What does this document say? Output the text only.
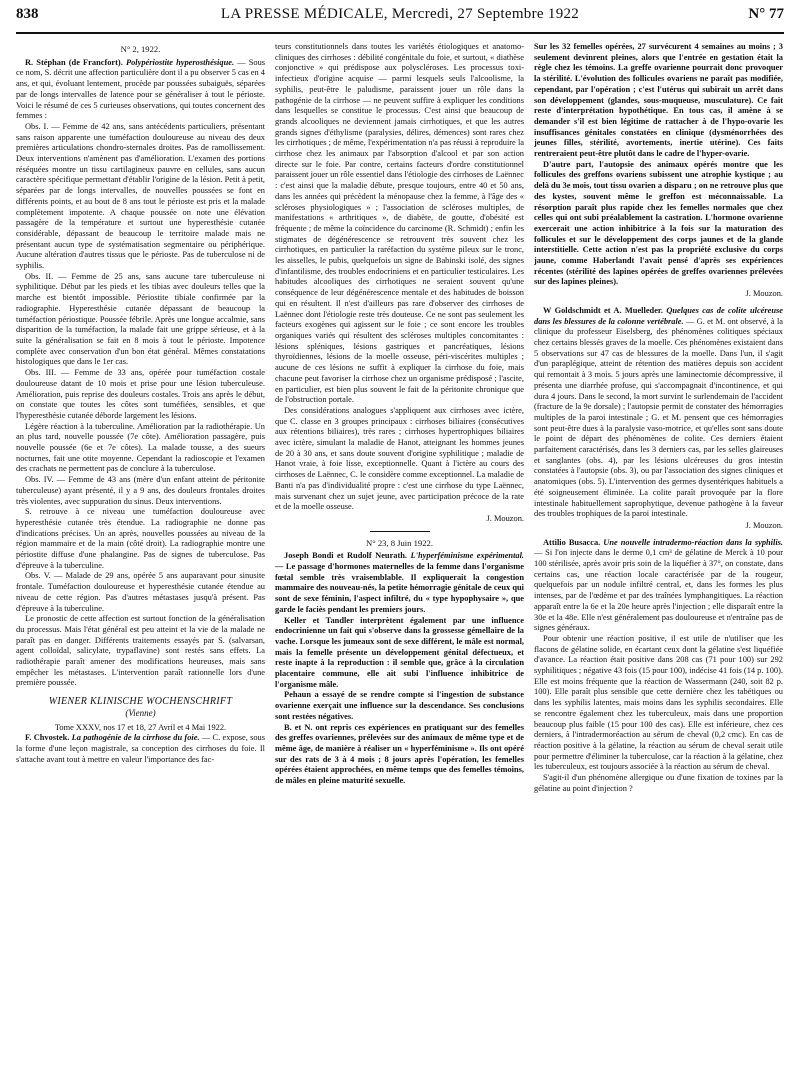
838	LA PRESSE MÉDICALE, Mercredi, 27 Septembre 1922	N° 77
N° 2, 1922.

R. Stéphan (de Francfort). Polypériostite hyperosthésique. — Sous ce nom, S. décrit une affection particulière dont il a pu observer 5 cas en 4 ans, et qui, évoluant lentement, procède par poussées subaiguës, séparées par de longs intervalles de latence pour se généraliser à tout le périoste. Voici le résumé de ces 5 curieuses observations, qui toutes concernent des femmes :

Obs. I. — Femme de 42 ans, sans antécédents particuliers, présentant sans raison apparente une tuméfaction douloureuse au niveau des deux premières articulations chondro-sternales droites. Pas de ramollissement. Deux interventions n'amènent pas d'amélioration. L'examen des portions réséquées montre un tissu cartilagineux pauvre en cellules, sans aucun caractère spécifique permettant d'établir l'origine de la lésion. Petit à petit, séparées par de longs intervalles, de nouvelles poussées se font en différents points, et au bout de 8 ans tout le périoste est pris et la malade complètement impotente. A chaque poussée on note une élévation passagère de la température et surtout une hyperesthésie cutanée considérable, dépassant de beaucoup le territoire malade mais ne présentant aucun type de systématisation segmentaire ou périphérique. Aucune altération d'autres tissus que le périoste. Pas de tuberculose ni de syphilis.

Obs. II. — Femme de 25 ans, sans aucune tare tuberculeuse ni syphilitique. Début par les pieds et les tibias avec douleurs telles que la marche est bientôt impossible. Périostite tibiale confirmée par la radiographie. Hyperesthésie cutanée dépassant de beaucoup la tuméfaction périostique. Poussée fébrile. Après une longue accalmie, sans disparition de la tuméfaction, la malade fait une grippe sérieuse, et à la suite la généralisation se fait en 8 mois à tout le périoste. Impotence complète avec conservation d'un bon état général. Mêmes constatations histologiques que dans le 1er cas.

Obs. III. — Femme de 33 ans, opérée pour tuméfaction costale douloureuse datant de 10 mois et prise pour une lésion tuberculeuse. Amélioration, puis reprise des douleurs costales. Trois ans après le début, on constate que toutes les côtes sont tuméfiées, sensibles, et que l'hyperesthésie cutanée déborde largement les lésions.

Légère réaction à la tuberculine. Amélioration par la radiothérapie. Un an plus tard, nouvelle poussée (7e côte). Amélioration passagère, puis nouvelle poussée (6e et 7e côtes). La malade tousse, a des sueurs nocturnes, fait une otite moyenne. Cependant la radioscopie et l'examen des crachats ne permettent pas de conclure à la tuberculose.

Obs. IV. — Femme de 43 ans (mère d'un enfant atteint de péritonite tuberculeuse) ayant présenté, il y a 9 ans, des douleurs frontales droites très violentes, avec suppuration du sinus. Deux interventions.

S. retrouve à ce niveau une tuméfaction douloureuse avec hyperesthésie cutanée très étendue. La radiographie ne donne pas d'indications précises. Un an après, nouvelles poussées au niveau de la région mammaire et de la main (côté droit). La radiographie montre une périostite diffuse d'une phalangine. Pas de signes de tuberculose. Pas d'épreuve à la tuberculine.

Obs. V. — Malade de 29 ans, opérée 5 ans auparavant pour sinusite frontale. Tuméfaction douloureuse et hyperesthésie cutanée étendue au niveau de cette région. Pas d'autres métastases jusqu'à présent. Pas d'épreuve à la tuberculine.

Le pronostic de cette affection est surtout fonction de la généralisation du processus. Mais l'état général est peu atteint et la vie de la malade ne paraît pas en danger. Différents traitements essayés par S. (salvarsan, agent colloïdal, salicylate, trypaflavine) sont restés sans effets. La radiothérapie paraît amener des modifications heureuses, mais sans empêcher les métastases. L'intervention paraît rationnelle lors d'une première poussée.

WIENER KLINISCHE WOCHENSCHRIFT
(Vienne)

Tome XXXV, nos 17 et 18, 27 Avril et 4 Mai 1922.

F. Chvostek. La pathogénie de la cirrhose du foie. — C. expose, sous la forme d'une leçon magistrale, sa conception des cirrhoses du foie. Il s'attache avant tout à mettre en valeur l'importance des fac-

teurs constitutionnels dans toutes les variétés étiologiques et anatomo-cliniques des cirrhoses : débilité congénitale du foie, et surtout, « diathèse conjonctive » qui prédispose aux polyscléroses. Les processus toxi-infectieux d'origine acquise — parmi lesquels seuls l'alcoolisme, la syphilis, peut-être le paludisme, paraissent jouer un rôle dans la pathogénie de la cirrhose — ne peuvent suffire à expliquer les conditions dans lesquelles se constitue le processus. C'est ainsi que beaucoup de grands alcooliques ne deviennent jamais cirrhotiques, et que les autres grands signes d'éthylisme (paralysies, délires, démences) sont rares chez les cirrhotiques ; de même, l'expérimentation n'a pas réussi à reproduire la cirrhose chez les animaux par l'absorption d'alcool et par son action directe sur le foie. Par contre, certains facteurs d'ordre constitutionnel paraissent jouer un rôle essentiel dans l'étiologie des cirrhoses de Laënnec : c'est ainsi que la maladie débute, presque toujours, entre 40 et 50 ans, dans les années qui précèdent la ménopause chez la femme, à l'âge des « scléroses physiologiques » ; l'association de scléroses multiples, de manifestations « arthritiques », de diabète, de goutte, d'obésité est fréquente ; de même la coïncidence du carcinome (R. Schmidt) ; enfin les stigmates de dégénérescence se retrouvent très souvent chez les cirrhotiques, en particulier la raréfaction du système pileux sur le tronc, les aisselles, le pubis, quelquefois un signe de Babinski isolé, des signes d'infantilisme, des troubles endocriniens et en particulier testiculaires. Les habitudes alcooliques des cirrhotiques ne seraient souvent qu'une conséquence de leur dégénérescence mentale et des habitudes de boisson qui en résultent. Il n'est d'ailleurs pas rare d'observer des cirrhoses de Laënnec dont l'étiologie reste très douteuse. Ce ne sont pas seulement les facteurs exogènes qui agissent sur le foie ; ce sont encore les troubles organiques variés qui résultent des scléroses multiples concomitantes : lésions spléniques, lésions gastriques et pancréatiques, lésions thyroïdiennes, lésions de la moelle osseuse, péri-viscérites multiples ; aucune de ces lésions ne suffit à expliquer la cirrhose du foie, mais chacune peut favoriser la cirrhose chez un organisme prédisposé ; l'ascite, en particulier, est bien plus souvent le fait de la péritonite chronique que de l'obstruction portale.

Des considérations analogues s'appliquent aux cirrhoses avec ictère, que C. classe en 3 groupes principaux : cirrhoses biliaires (consécutives aux rétentions biliaires), très rares ; cirrhoses hypertrophiques biliaires avec ictère, simulant la maladie de Hanot, atteignant les hommes jeunes de 20 à 30 ans, et sans doute souvent d'origine syphilitique ; maladie de Hanot vraie, à foie lisse, exceptionnelle. Quant à l'ictère au cours des cirrhoses de Laënnec, C. le considère comme exceptionnel. La maladie de Banti n'a pas d'individualité propre : c'est une cirrhose du type Laënnec, mais survenant chez un sujet jeune, avec participation précoce de la rate et de la moelle osseuse.

J. Mouzon.
N° 23, 8 Juin 1922.

Joseph Bondi et Rudolf Neurath. L'hyperféminisme expérimental. — Le passage d'hormones maternelles de la femme dans l'organisme fœtal semble très vraisemblable. Il expliquerait la congestion mammaire des nouveau-nés, la petite hémorragie génitale de ceux qui sont de sexe féminin, l'aspect infiltré, du « type hypophysaire », que garde le faciès pendant les premiers jours.

Keller et Tandler interprètent également par une influence endocrinienne un fait qui s'observe dans la grossesse gémellaire de la vache. Lorsque les jumeaux sont de sexe différent, le mâle est normal, mais la femelle présente un développement génital défectueux, et reste inapte à la reproduction : il semble que, grâce à la circulation placentaire commune, elle ait subi l'influence inhibitrice de l'organisme mâle.

Pehaun a essayé de se rendre compte si l'ingestion de substance ovarienne exerçait une influence sur la descendance. Ses conclusions sont restées négatives.

B. et N. ont repris ces expériences en pratiquant sur des femelles des greffes ovariennes, prélevées sur des animaux de même type et de même âge, de manière à réaliser un « hyperféminisme ». Ils ont opéré sur des rats de 3 à 4 mois ; 8 jours après l'opération, les femelles opérées étaient approchées, en même temps que des femelles témoins, de mâles en pleine maturité sexuelle.

Sur les 32 femelles opérées, 27 survécurent 4 semaines au moins ; 3 seulement devinrent pleines, alors que l'entrée en gestation était la règle chez les témoins. La greffe ovarienne pourrait donc provoquer la stérilité. L'évolution des follicules ovariens ne paraît pas modifiée, cependant, par l'opération ; c'est l'utérus qui subirait un arrêt dans son développement (glandes, sous-muqueuse, musculature). Ce fait reste d'interprétation hypothétique. En tous cas, il amène à se demander s'il est bien légitime de rattacher à de l'hypo-ovarie les insuffisances génitales constatées en clinique (dysménorrhées des jeunes filles, stérilité, avortements, inertie utérine). Ces faits rentreraient peut-être plutôt dans le cadre de l'hyper-ovarie.

D'autre part, l'autopsie des animaux opérés montre que les follicules des greffons ovariens subissent une atrophie kystique ; au delà du 3e mois, tout tissu ovarien a disparu ; on ne retrouve plus que des kystes, souvent même le greffon est méconnaissable. La résorption paraît plus rapide chez les femelles normales que chez celles qui ont subi préalablement la castration. L'hormone ovarienne exercerait une action inhibitrice à la fois sur la maturation des follicules et sur le développement des corps jaunes et de la glande interstitielle. Cette action n'est pas la propriété exclusive du corps jaune, comme Haberlandt l'avait pensé d'après ses expériences récentes (stérilité des lapines opérées de greffes ovariennes prélevées sur des lapines pleines).

J. Mouzon.

W Goldschmidt et A. Muelleder. Quelques cas de colite ulcéreuse dans les blessures de la colonne vertébrale. — G. et M. ont observé, à la clinique du professeur Eiselsberg, des phénomènes colitiques spéciaux chez certains blessés graves de la moelle. Ces phénomènes existaient dans 5 observations sur 47 cas de blessures de la moelle. Dans l'un, il s'agit d'un paraplégique, atteint de rétention des matières depuis son accident qui remontait à 3 mois. 5 jours après une laminectomie décompressive, il présenta une diarrhée profuse, qui s'accompagnait d'incontinence, et qui dura 4 jours. Dans le second, la mort survint le surlendemain de l'accident (fracture de la 9e dorsale) ; l'autopsie permit de constater des hémorragies multiples de la paroi intestinale ; G. et M. pensent que ces hémorragies sont peut-être dues à la paralysie vaso-motrice, et qu'elles sont sans doute le point de départ des phénomènes de colite. Ces derniers étaient parfaitement caractérisés, dans les 3 derniers cas, par les selles glaireuses et sanglantes (obs. 4), par les lésions ulcéreuses du gros intestin constatées à l'autopsie (obs. 3), ou par l'association des signes cliniques et anatomiques (obs. 5). L'intervention des germes dysentériques habituels a été soigneusement éliminée. La colite paraît provoquée par la flore intestinale habituellement saprophytique, devenue pathogène à la faveur des troubles trophiques de la paroi intestinale.

J. Mouzon.

Attilio Busacca. Une nouvelle intradermo-réaction dans la syphilis. — Si l'on injecte dans le derme 0,1 cm³ de gélatine de Merck à 10 pour 100 stérilisée, après avoir pris soin de la liquéfier à 37°, on constate, dans certains cas, une réaction locale caractérisée par de la rougeur, quelquefois par un nodule infiltré central, et, dans les formes les plus intenses, par de l'œdème et par des traînées lymphangitiques. La réaction apparaît entre la 6e et la 20e heure après l'injection ; elle disparaît entre la 30e et la 48e. Elle n'est généralement pas douloureuse et n'entraîne pas de signes généraux.

Pour obtenir une réaction positive, il est utile de n'utiliser que les flacons de gélatine solide, en écartant ceux dont la gélatine s'est liquéfiée d'avance. La réaction était positive dans 208 cas (71 pour 100) sur 292 syphilitiques ; négative 43 fois (15 pour 100), indécise 41 fois (14 p. 100). Elle est moins fréquente que la réaction de Wassermann (240, soit 82 p. 100). Elle paraît plus sensible que cette dernière chez les tabétiques ou dans les syphilis latentes, mais moins dans les syphilis secondaires. Elle se rencontre également chez les tuberculeux, mais dans une proportion beaucoup plus faible (15 pour 100 des cas). Elle est inférieure, chez ces derniers, à l'intradermoréaction au sérum de cheval (0,2 cmc). En cas de réaction positive à la gélatine, la réaction au sérum de cheval serait utile pour permettre d'éliminer la tuberculose, car la réaction à la gélatine, chez les tuberculeux, est toujours associée à la réaction au sérum de cheval.

S'agit-il d'un phénomène allergique ou d'une fixation de toxines par la gélatine au point d'injection ?
